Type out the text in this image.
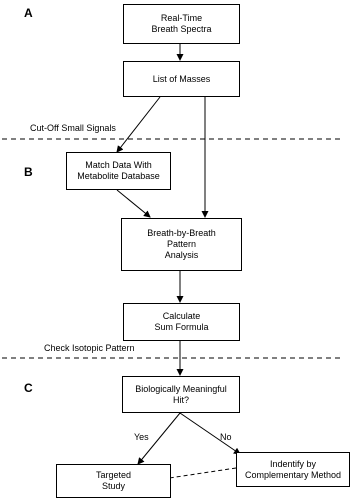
A
B
C
Cut-Off Small Signals
Check Isotopic Pattern
Real-Time
Breath Spectra
List of Masses
Match Data With
Metabolite Database
Breath-by-Breath
Pattern
Analysis
Calculate
Sum Formula
Biologically Meaningful
Hit?
Targeted
Study
Indentify by
Complementary Method
Yes	No
